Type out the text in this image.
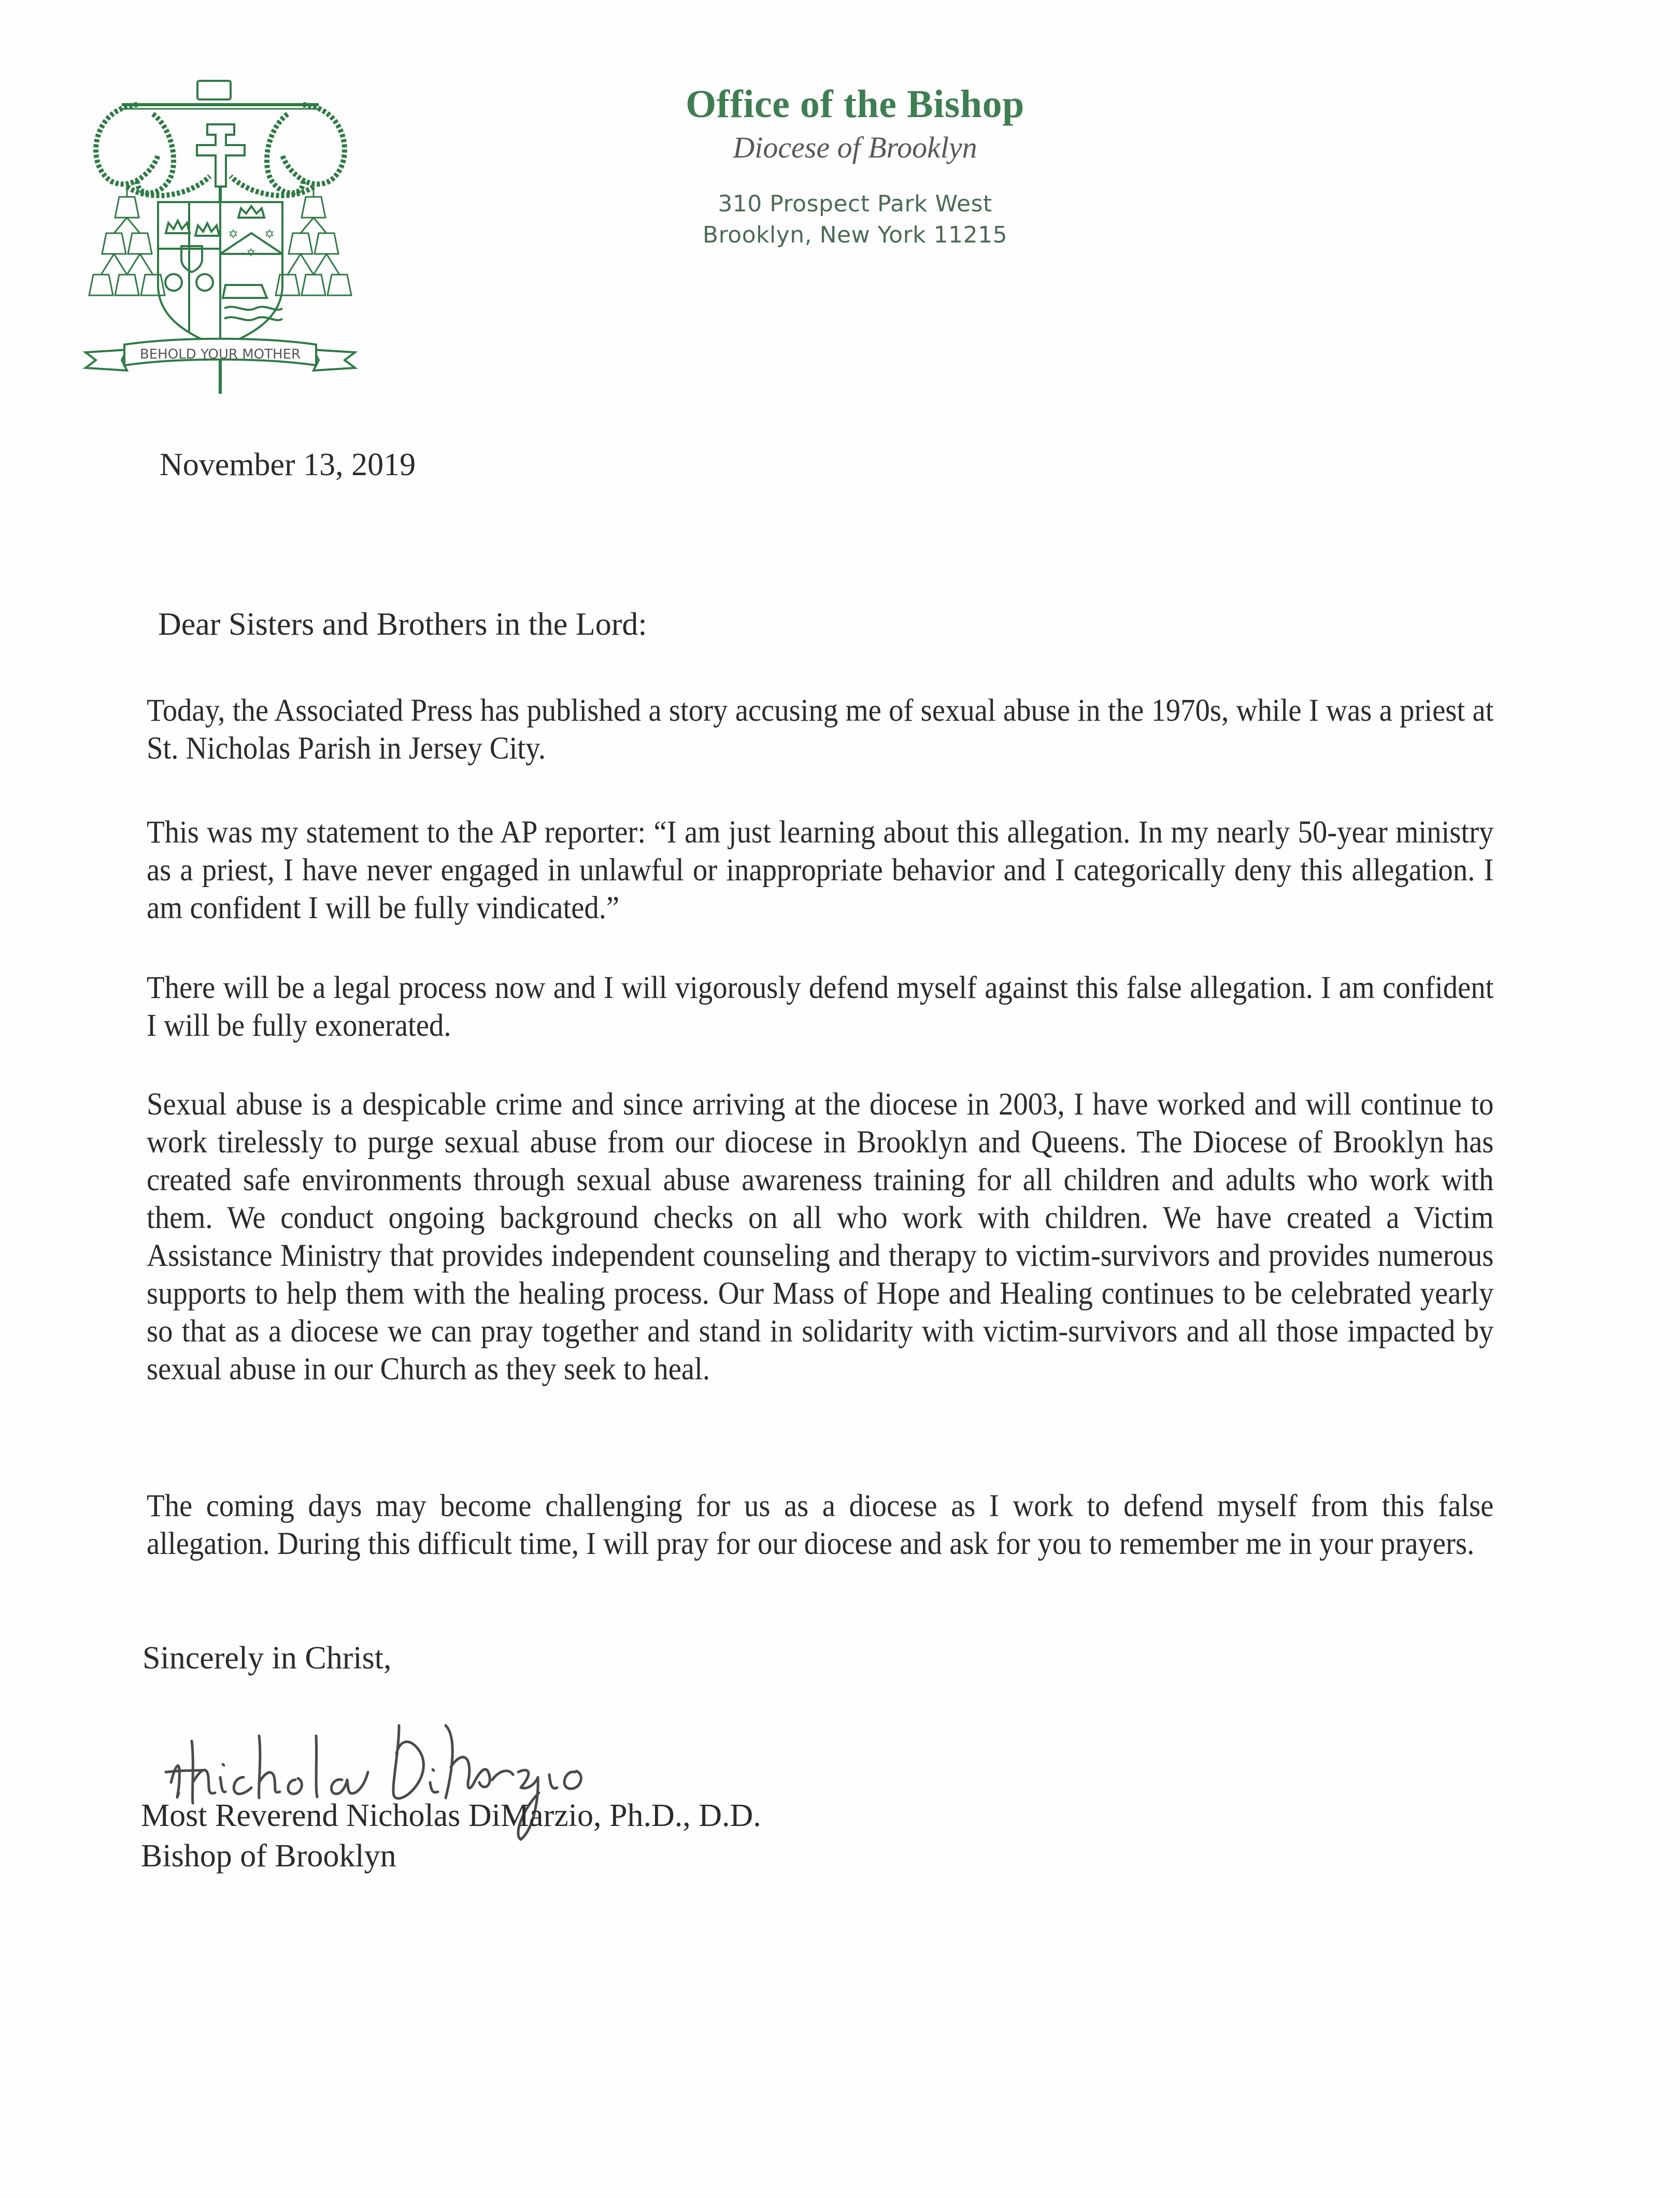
✡ ✡
✡
BEHOLD YOUR MOTHER
Office of the Bishop
Diocese of Brooklyn
310 Prospect Park West
Brooklyn, New York 11215
November 13, 2019
Dear Sisters and Brothers in the Lord:
Today, the Associated Press has published a story accusing me of sexual abuse in the 1970s, while I was a priest at St. Nicholas Parish in Jersey City.
This was my statement to the AP reporter: “I am just learning about this allegation. In my nearly 50-year ministry as a priest, I have never engaged in unlawful or inappropriate behavior and I categorically deny this allegation. I am confident I will be fully vindicated.”
There will be a legal process now and I will vigorously defend myself against this false allegation. I am confident I will be fully exonerated.
Sexual abuse is a despicable crime and since arriving at the diocese in 2003, I have worked and will continue to work tirelessly to purge sexual abuse from our diocese in Brooklyn and Queens. The Diocese of Brooklyn has created safe environments through sexual abuse awareness training for all children and adults who work with them. We conduct ongoing background checks on all who work with children. We have created a Victim Assistance Ministry that provides independent counseling and therapy to victim-survivors and provides numerous supports to help them with the healing process. Our Mass of Hope and Healing continues to be celebrated yearly so that as a diocese we can pray together and stand in solidarity with victim-survivors and all those impacted by sexual abuse in our Church as they seek to heal.
The coming days may become challenging for us as a diocese as I work to defend myself from this false allegation. During this difficult time, I will pray for our diocese and ask for you to remember me in your prayers.
Sincerely in Christ,
Most Reverend Nicholas DiMarzio, Ph.D., D.D.
Bishop of Brooklyn
